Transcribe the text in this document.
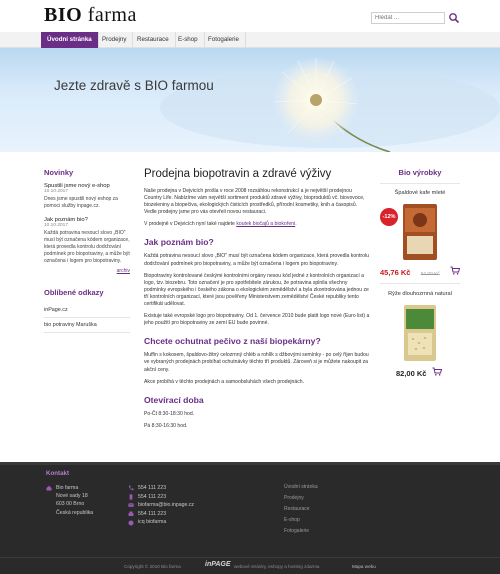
BIO farma
Hledat ...
Úvodní stránka	Prodejny	Restaurace	E-shop	Fotogalerie
Jezte zdravě s BIO farmou
Novinky
Spustili jsme nový e-shop
10.10.2017
Dnes jsme spustili nový eshop za pomoci služby inpage.cz.
Jak poznám bio?
10.10.2017
Každá potravina nesoucí slovo „BIO" musí být označena kódem organizace, která provedla kontrolu dodržování podmínek pro biopotraviny, a může být označena i logem pro biopotraviny.
archiv
Oblíbené odkazy
inPage.cz
bio potraviny Maruška
Prodejna biopotravin a zdravé výživy
Naše prodejna v Dejvicích prošla v roce 2008 rozsáhlou rekonstrukcí a je největší prodejnou Country Life. Nabízíme vám největší sortiment produktů zdravé výživy, bioproduktů vč. biovovoce, biozeleniny a biopečiva, ekologických čisticích prostředků, přírodní kosmetiky, knih a časopisů. Vedle prodejny jsme pro vás otevřeli novou restauraci.
V prodejně v Dejvicích nyní také najdete koutek biočajů a biokořeni.
Jak poznám bio?
Každá potravina nesoucí slovo „BIO" musí být označena kódem organizace, která provedla kontrolu dodržování podmínek pro biopotraviny, a může být označena i logem pro biopotraviny.
Biopotraviny kontrolované českými kontrolními orgány nesou kód jedné z kontrolních organizací a logo, tzv. biozebru. Toto označení je pro spotřebitele zárukou, že potravina splnila všechny podmínky evropského i českého zákona o ekologickém zemědělství a byla zkontrolována jednou ze tří kontrolních organizací, které jsou pověřeny Ministerstvem zemědělství České republiky tento certifikát udělovat.
Existuje také evropské logo pro biopotraviny. Od 1. července 2010 bude platit logo nové (Euro list) a jeho použití pro biopotraviny ze zemí EU bude povinné.
Chcete ochutnat pečivo z naší biopekárny?
Muffin s kokosem, špaldovo-žitný celozrnný chléb a rohlík s džbovými semínky - po celý říjen budou ve vybraných prodejnách probíhat ochutnávky těchto tří produktů. Zároveň si je můžete nakoupit za akční ceny.
Akce probíhá v těchto prodejnách a samoobsluhách všech prodejnách.
Otevírací doba
Po-Čt 8:30-18:30 hod.
Pá 8:30-16:30 hod.
Bio výrobky
Špaldové kafe mleté
-12%
45,76 Kč 52,00 Kč
Rýže dlouhozrnná natural
82,00 Kč
Kontakt
Bio farma
Nové sady 18
603 00 Brno
Česká republika
554 111 223
554 111 223
biofarma@bio.inpage.cz
554 111 223
icq biofarma
Úvodní stránka
Prodejny
Restaurace
E-shop
Fotogalerie
Copyright © 2010 Bio farma	inPAGE webové stránky, eshopy a hosting zdarma	Mapa webu
